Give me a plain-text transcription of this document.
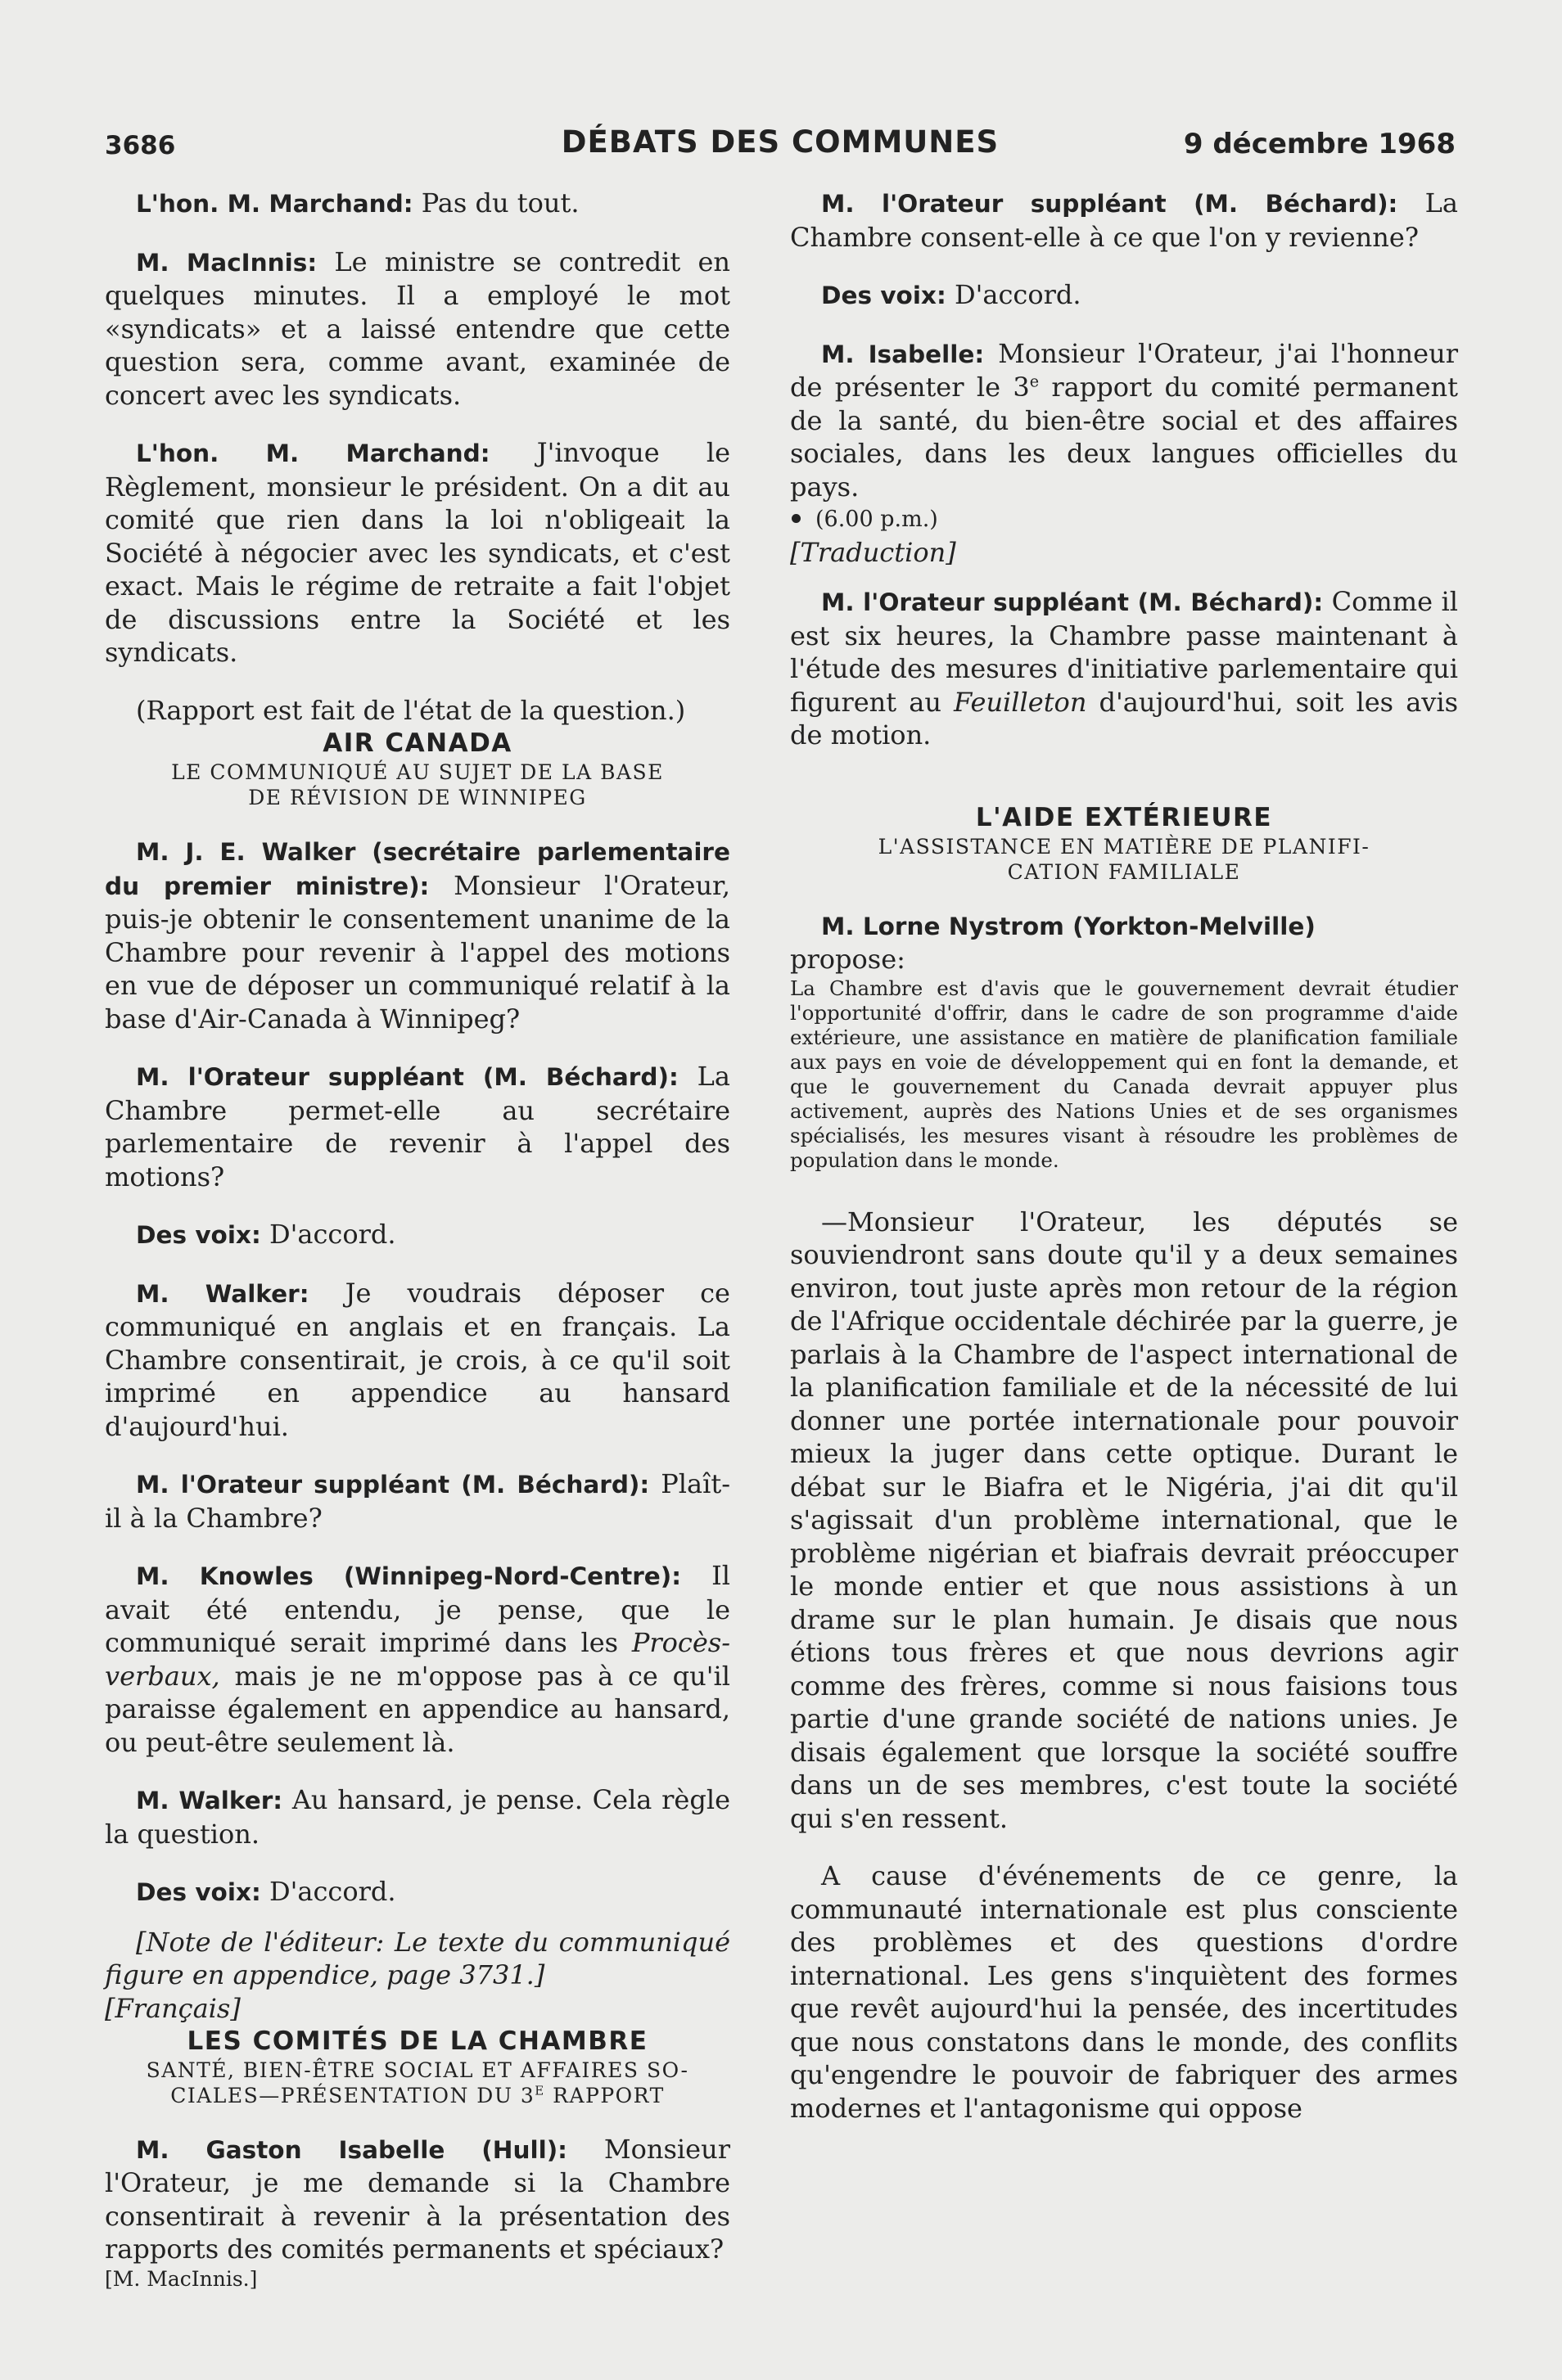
3686	DÉBATS DES COMMUNES	9 décembre 1968

L'hon. M. Marchand: Pas du tout.

M. MacInnis: Le ministre se contredit en quelques minutes. Il a employé le mot «syndicats» et a laissé entendre que cette question sera, comme avant, examinée de concert avec les syndicats.

L'hon. M. Marchand: J'invoque le Règlement, monsieur le président. On a dit au comité que rien dans la loi n'obligeait la Société à négocier avec les syndicats, et c'est exact. Mais le régime de retraite a fait l'objet de discussions entre la Société et les syndicats.

(Rapport est fait de l'état de la question.)

AIR CANADA
LE COMMUNIQUÉ AU SUJET DE LA BASE
DE RÉVISION DE WINNIPEG

M. J. E. Walker (secrétaire parlementaire du premier ministre): Monsieur l'Orateur, puis-je obtenir le consentement unanime de la Chambre pour revenir à l'appel des motions en vue de déposer un communiqué relatif à la base d'Air-Canada à Winnipeg?

M. l'Orateur suppléant (M. Béchard): La Chambre permet-elle au secrétaire parlementaire de revenir à l'appel des motions?

Des voix: D'accord.

M. Walker: Je voudrais déposer ce communiqué en anglais et en français. La Chambre consentirait, je crois, à ce qu'il soit imprimé en appendice au hansard d'aujourd'hui.

M. l'Orateur suppléant (M. Béchard): Plaît-il à la Chambre?

M. Knowles (Winnipeg-Nord-Centre): Il avait été entendu, je pense, que le communiqué serait imprimé dans les Procès-verbaux, mais je ne m'oppose pas à ce qu'il paraisse également en appendice au hansard, ou peut-être seulement là.

M. Walker: Au hansard, je pense. Cela règle la question.

Des voix: D'accord.

[Note de l'éditeur: Le texte du communiqué figure en appendice, page 3731.]

[Français]

LES COMITÉS DE LA CHAMBRE
SANTÉ, BIEN-ÊTRE SOCIAL ET AFFAIRES SO-
CIALES—PRÉSENTATION DU $3^E$ RAPPORT

M. Gaston Isabelle (Hull): Monsieur l'Orateur, je me demande si la Chambre consentirait à revenir à la présentation des rapports des comités permanents et spéciaux?

[M. MacInnis.]

M. l'Orateur suppléant (M. Béchard): La Chambre consent-elle à ce que l'on y revienne?

Des voix: D'accord.

M. Isabelle: Monsieur l'Orateur, j'ai l'honneur de présenter le 3e rapport du comité permanent de la santé, du bien-être social et des affaires sociales, dans les deux langues officielles du pays.

(6.00 p.m.)

[Traduction]

M. l'Orateur suppléant (M. Béchard): Comme il est six heures, la Chambre passe maintenant à l'étude des mesures d'initiative parlementaire qui figurent au Feuilleton d'aujourd'hui, soit les avis de motion.

L'AIDE EXTÉRIEURE
L'ASSISTANCE EN MATIÈRE DE PLANIFI-
CATION FAMILIALE

M. Lorne Nystrom (Yorkton-Melville)
propose:

La Chambre est d'avis que le gouvernement devrait étudier l'opportunité d'offrir, dans le cadre de son programme d'aide extérieure, une assistance en matière de planification familiale aux pays en voie de développement qui en font la demande, et que le gouvernement du Canada devrait appuyer plus activement, auprès des Nations Unies et de ses organismes spécialisés, les mesures visant à résoudre les problèmes de population dans le monde.

—Monsieur l'Orateur, les députés se souviendront sans doute qu'il y a deux semaines environ, tout juste après mon retour de la région de l'Afrique occidentale déchirée par la guerre, je parlais à la Chambre de l'aspect international de la planification familiale et de la nécessité de lui donner une portée internationale pour pouvoir mieux la juger dans cette optique. Durant le débat sur le Biafra et le Nigéria, j'ai dit qu'il s'agissait d'un problème international, que le problème nigérian et biafrais devrait préoccuper le monde entier et que nous assistions à un drame sur le plan humain. Je disais que nous étions tous frères et que nous devrions agir comme des frères, comme si nous faisions tous partie d'une grande société de nations unies. Je disais également que lorsque la société souffre dans un de ses membres, c'est toute la société qui s'en ressent.

A cause d'événements de ce genre, la communauté internationale est plus consciente des problèmes et des questions d'ordre international. Les gens s'inquiètent des formes que revêt aujourd'hui la pensée, des incertitudes que nous constatons dans le monde, des conflits qu'engendre le pouvoir de fabriquer des armes modernes et l'antagonisme qui oppose
